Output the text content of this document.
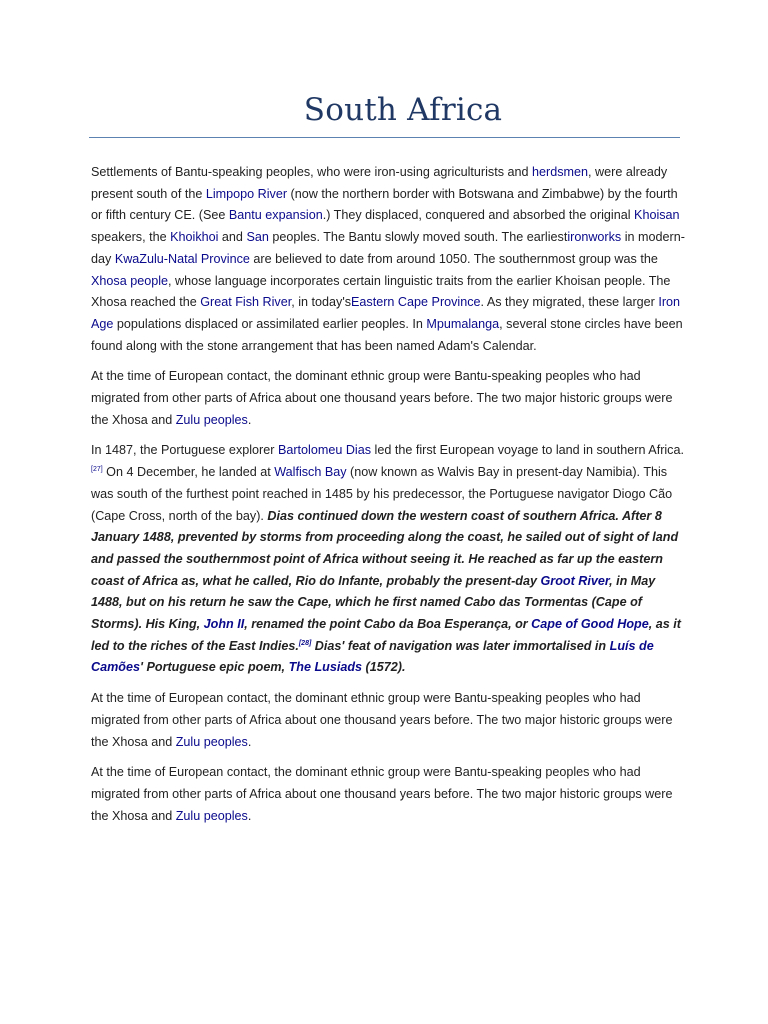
South Africa

Settlements of Bantu-speaking peoples, who were iron-using agriculturists and herdsmen, were already present south of the Limpopo River (now the northern border with Botswana and Zimbabwe) by the fourth or fifth century CE. (See Bantu expansion.) They displaced, conquered and absorbed the original Khoisan speakers, the Khoikhoi and San peoples. The Bantu slowly moved south. The earliestironworks in modern-day KwaZulu-Natal Province are believed to date from around 1050. The southernmost group was the Xhosa people, whose language incorporates certain linguistic traits from the earlier Khoisan people. The Xhosa reached the Great Fish River, in today'sEastern Cape Province. As they migrated, these larger Iron Age populations displaced or assimilated earlier peoples. In Mpumalanga, several stone circles have been found along with the stone arrangement that has been named Adam's Calendar.

At the time of European contact, the dominant ethnic group were Bantu-speaking peoples who had migrated from other parts of Africa about one thousand years before. The two major historic groups were the Xhosa and Zulu peoples.

In 1487, the Portuguese explorer Bartolomeu Dias led the first European voyage to land in southern Africa.[27] On 4 December, he landed at Walfisch Bay (now known as Walvis Bay in present-day Namibia). This was south of the furthest point reached in 1485 by his predecessor, the Portuguese navigator Diogo Cão (Cape Cross, north of the bay). Dias continued down the western coast of southern Africa. After 8 January 1488, prevented by storms from proceeding along the coast, he sailed out of sight of land and passed the southernmost point of Africa without seeing it. He reached as far up the eastern coast of Africa as, what he called, Rio do Infante, probably the present-day Groot River, in May 1488, but on his return he saw the Cape, which he first named Cabo das Tormentas (Cape of Storms). His King, John II, renamed the point Cabo da Boa Esperança, or Cape of Good Hope, as it led to the riches of the East Indies.[28] Dias' feat of navigation was later immortalised in Luís de Camões' Portuguese epic poem, The Lusiads (1572).

At the time of European contact, the dominant ethnic group were Bantu-speaking peoples who had migrated from other parts of Africa about one thousand years before. The two major historic groups were the Xhosa and Zulu peoples.

At the time of European contact, the dominant ethnic group were Bantu-speaking peoples who had migrated from other parts of Africa about one thousand years before. The two major historic groups were the Xhosa and Zulu peoples.
